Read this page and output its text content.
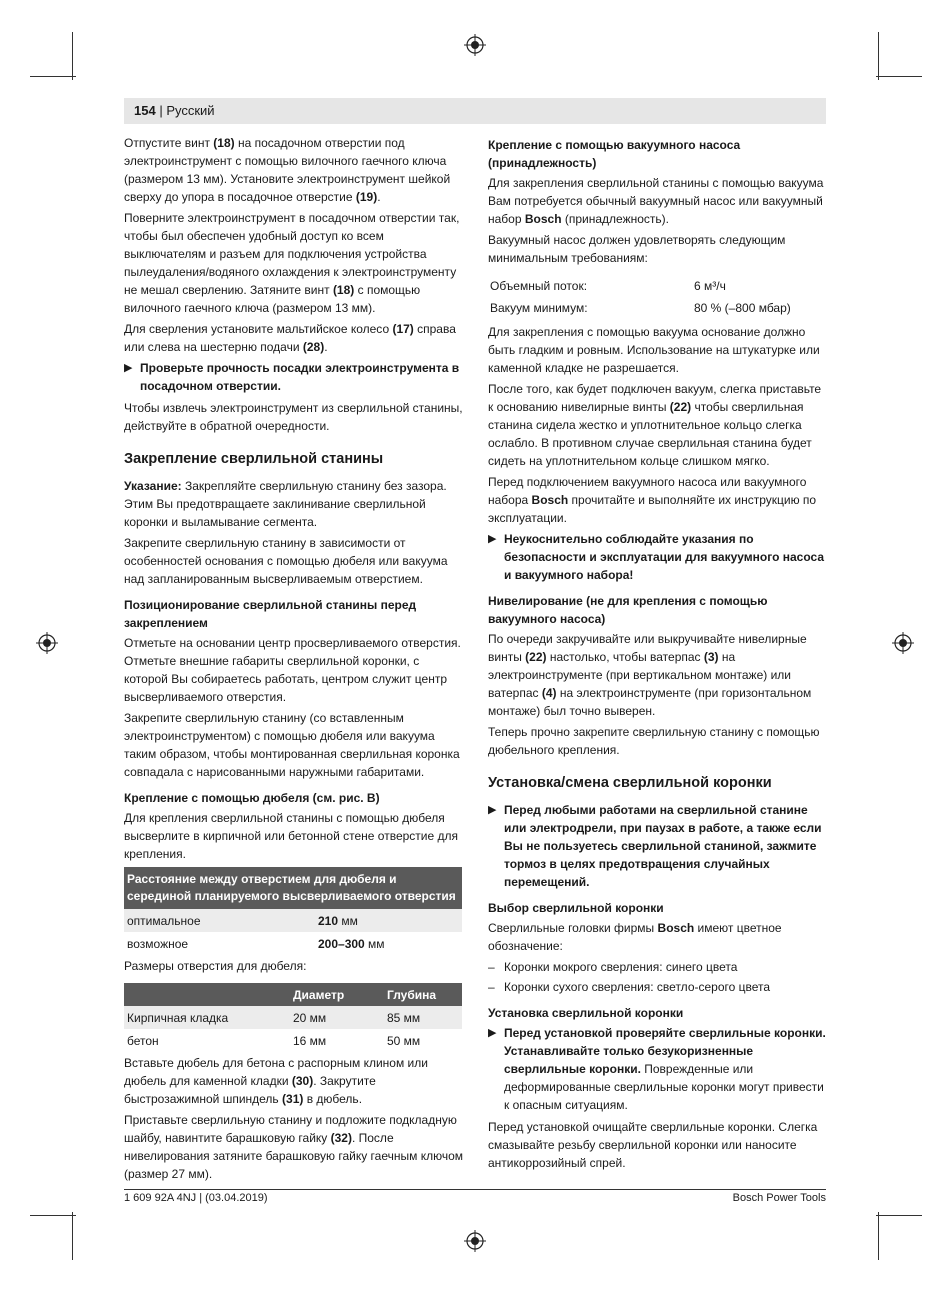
154 | Русский

Отпустите винт (18) на посадочном отверстии под электроинструмент с помощью вилочного гаечного ключа (размером 13 мм). Установите электроинструмент шейкой сверху до упора в посадочное отверстие (19).

Поверните электроинструмент в посадочном отверстии так, чтобы был обеспечен удобный доступ ко всем выключателям и разъем для подключения устройства пылеудаления/водяного охлаждения к электроинструменту не мешал сверлению. Затяните винт (18) с помощью вилочного гаечного ключа (размером 13 мм).

Для сверления установите мальтийское колесо (17) справа или слева на шестерню подачи (28).

▶ Проверьте прочность посадки электроинструмента в посадочном отверстии.

Чтобы извлечь электроинструмент из сверлильной станины, действуйте в обратной очередности.

Закрепление сверлильной станины

Указание: Закрепляйте сверлильную станину без зазора. Этим Вы предотвращаете заклинивание сверлильной коронки и выламывание сегмента.

Закрепите сверлильную станину в зависимости от особенностей основания с помощью дюбеля или вакуума над запланированным высверливаемым отверстием.

Позиционирование сверлильной станины перед закреплением

Отметьте на основании центр просверливаемого отверстия. Отметьте внешние габариты сверлильной коронки, с которой Вы собираетесь работать, центром служит центр высверливаемого отверстия.

Закрепите сверлильную станину (со вставленным электроинструментом) с помощью дюбеля или вакуума таким образом, чтобы монтированная сверлильная коронка совпадала с нарисованными наружными габаритами.

Крепление с помощью дюбеля (см. рис. B)

Для крепления сверлильной станины с помощью дюбеля высверлите в кирпичной или бетонной стене отверстие для крепления.

Расстояние между отверстием для дюбеля и серединой планируемого высверливаемого отверстия	
оптимальное	210 мм
возможное	200–300 мм

Размеры отверстия для дюбеля:

	Диаметр	Глубина
Кирпичная кладка	20 мм	85 мм
бетон	16 мм	50 мм

Вставьте дюбель для бетона с распорным клином или дюбель для каменной кладки (30). Закрутите быстрозажимной шпиндель (31) в дюбель.

Приставьте сверлильную станину и подложите подкладную шайбу, навинтите барашковую гайку (32). После нивелирования затяните барашковую гайку гаечным ключом (размер 27 мм).

Крепление с помощью вакуумного насоса (принадлежность)

Для закрепления сверлильной станины с помощью вакуума Вам потребуется обычный вакуумный насос или вакуумный набор Bosch (принадлежность).

Вакуумный насос должен удовлетворять следующим минимальным требованиям:

Объемный поток:	6 м³/ч
Вакуум минимум:	80 % (–800 мбар)

Для закрепления с помощью вакуума основание должно быть гладким и ровным. Использование на штукатурке или каменной кладке не разрешается.

После того, как будет подключен вакуум, слегка приставьте к основанию нивелирные винты (22) чтобы сверлильная станина сидела жестко и уплотнительное кольцо слегка ослабло. В противном случае сверлильная станина будет сидеть на уплотнительном кольце слишком мягко.

Перед подключением вакуумного насоса или вакуумного набора Bosch прочитайте и выполняйте их инструкцию по эксплуатации.

▶ Неукоснительно соблюдайте указания по безопасности и эксплуатации для вакуумного насоса и вакуумного набора!
Нивелирование (не для крепления с помощью вакуумного насоса)

По очереди закручивайте или выкручивайте нивелирные винты (22) настолько, чтобы ватерпас (3) на электроинструменте (при вертикальном монтаже) или ватерпас (4) на электроинструменте (при горизонтальном монтаже) был точно выверен.

Теперь прочно закрепите сверлильную станину с помощью дюбельного крепления.

Установка/смена сверлильной коронки
▶ Перед любыми работами на сверлильной станине или электродрели, при паузах в работе, а также если Вы не пользуетесь сверлильной станиной, зажмите тормоз в целях предотвращения случайных перемещений.
Выбор сверлильной коронки

Сверлильные головки фирмы Bosch имеют цветное обозначение:

– Коронки мокрого сверления: синего цвета
– Коронки сухого сверления: светло-серого цвета
Установка сверлильной коронки
▶ Перед установкой проверяйте сверлильные коронки. Устанавливайте только безукоризненные сверлильные коронки. Поврежденные или деформированные сверлильные коронки могут привести к опасным ситуациям.

Перед установкой очищайте сверлильные коронки. Слегка смазывайте резьбу сверлильной коронки или наносите антикоррозийный спрей.

1 609 92A 4NJ | (03.04.2019)	Bosch Power Tools
